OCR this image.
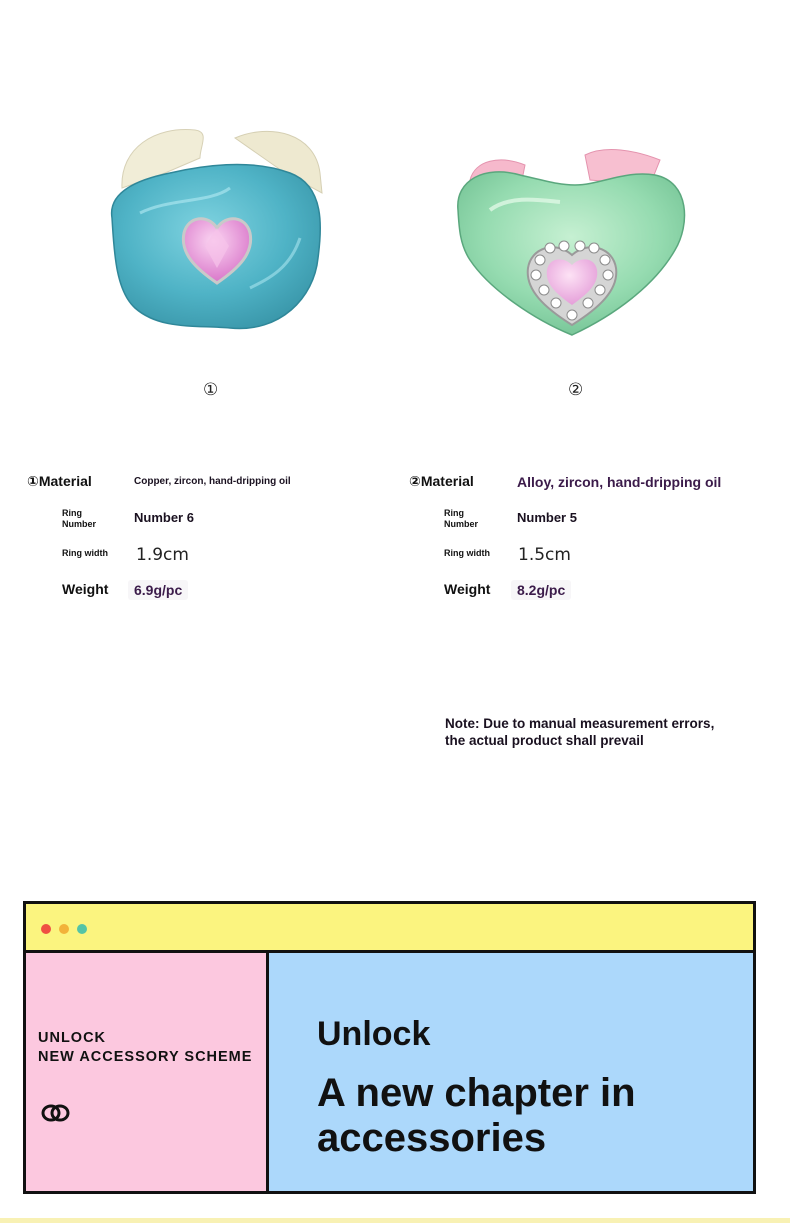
①	②
①Material	Copper, zircon, hand-dripping oil
Ring
Number	Number 6
Ring width 1.9cm
Weight	6.9g/pc
②Material	Alloy, zircon, hand-dripping oil
Ring
Number	Number 5
Ring width 1.5cm
Weight	8.2g/pc
Note: Due to manual measurement errors,
the actual product shall prevail
UNLOCK
NEW ACCESSORY SCHEME
Unlock
A new chapter in
accessories
